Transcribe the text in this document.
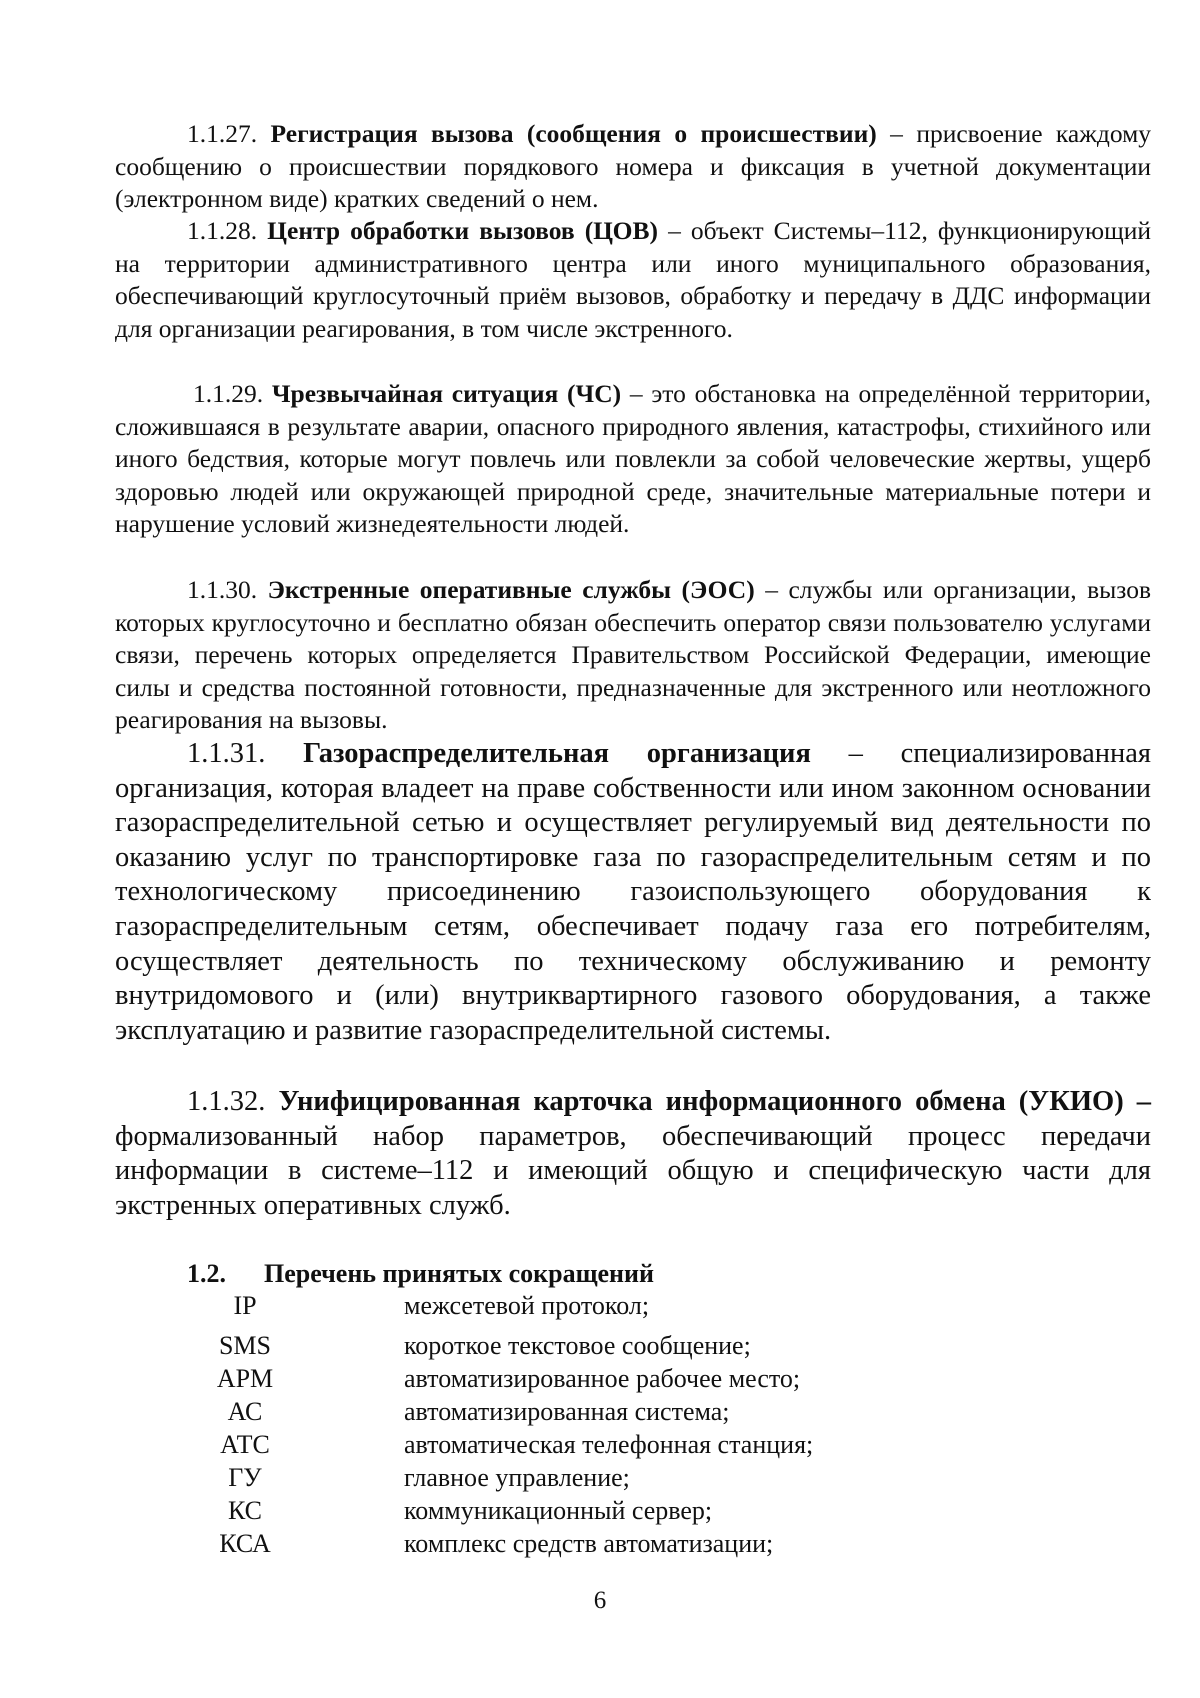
1.1.27. Регистрация вызова (сообщения о происшествии) – присвоение каждому сообщению о происшествии порядкового номера и фиксация в учетной документации (электронном виде) кратких сведений о нем.

1.1.28. Центр обработки вызовов (ЦОВ) – объект Системы–112, функционирующий на территории административного центра или иного муниципального образования, обеспечивающий круглосуточный приём вызовов, обработку и передачу в ДДС информации для организации реагирования, в том числе экстренного.

1.1.29. Чрезвычайная ситуация (ЧС) – это обстановка на определённой территории, сложившаяся в результате аварии, опасного природного явления, катастрофы, стихийного или иного бедствия, которые могут повлечь или повлекли за собой человеческие жертвы, ущерб здоровью людей или окружающей природной среде, значительные материальные потери и нарушение условий жизнедеятельности людей.

1.1.30. Экстренные оперативные службы (ЭОС) – службы или организации, вызов которых круглосуточно и бесплатно обязан обеспечить оператор связи пользователю услугами связи, перечень которых определяется Правительством Российской Федерации, имеющие силы и средства постоянной готовности, предназначенные для экстренного или неотложного реагирования на вызовы.

1.1.31. Газораспределительная организация – специализированная организация, которая владеет на праве собственности или ином законном основании газораспределительной сетью и осуществляет регулируемый вид деятельности по оказанию услуг по транспортировке газа по газораспределительным сетям и по технологическому присоединению газоиспользующего оборудования к газораспределительным сетям, обеспечивает подачу газа его потребителям, осуществляет деятельность по техническому обслуживанию и ремонту внутридомового и (или) внутриквартирного газового оборудования, а также эксплуатацию и развитие газораспределительной системы.

1.1.32. Унифицированная карточка информационного обмена (УКИО) – формализованный набор параметров, обеспечивающий процесс передачи информации в системе–112 и имеющий общую и специфическую части для экстренных оперативных служб.

1.2. Перечень принятых сокращений
IP	межсетевой протокол;
SMS	короткое текстовое сообщение;
АРМ	автоматизированное рабочее место;
АС	автоматизированная система;
АТС	автоматическая телефонная станция;
ГУ	главное управление;
КС	коммуникационный сервер;
КСА	комплекс средств автоматизации;
6
